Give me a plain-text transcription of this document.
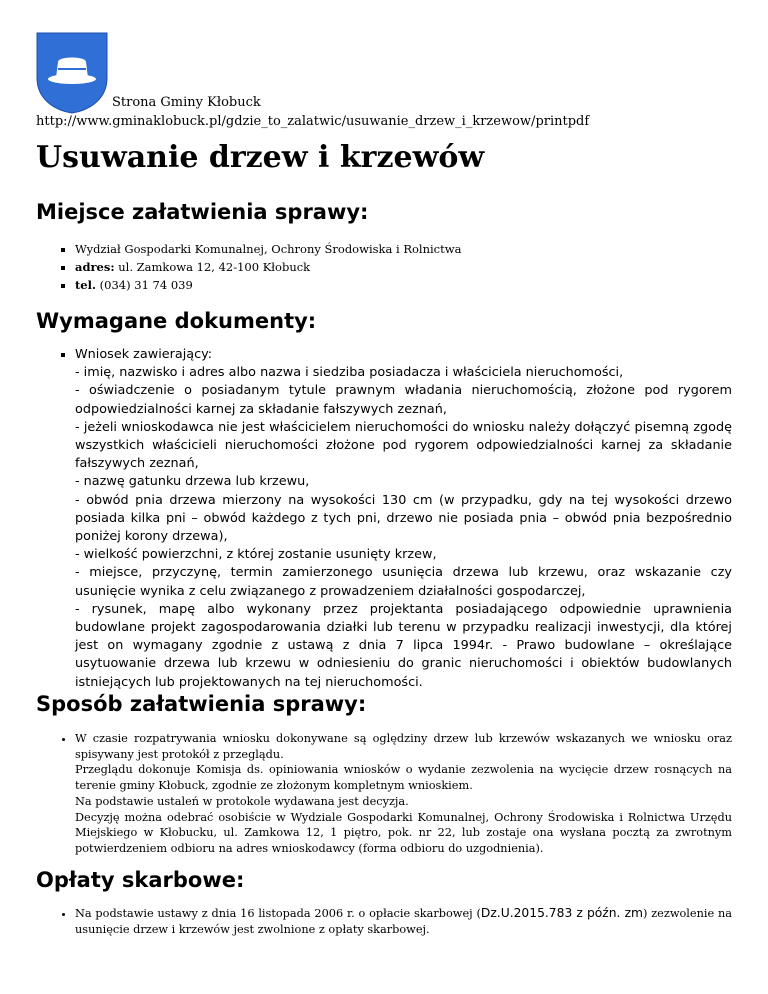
Strona Gminy Kłobuck
http://www.gminaklobuck.pl/gdzie_to_zalatwic/usuwanie_drzew_i_krzewow/printpdf
Usuwanie drzew i krzewów
Miejsce załatwienia sprawy:
▪ Wydział Gospodarki Komunalnej, Ochrony Środowiska i Rolnictwa
▪ adres: ul. Zamkowa 12, 42-100 Kłobuck
▪ tel. (034) 31 74 039
Wymagane dokumenty:
▪ Wniosek zawierający:
- imię, nazwisko i adres albo nazwa i siedziba posiadacza i właściciela nieruchomości,
- oświadczenie o posiadanym tytule prawnym władania nieruchomością, złożone pod rygorem odpowiedzialności karnej za składanie fałszywych zeznań,
- jeżeli wnioskodawca nie jest właścicielem nieruchomości do wniosku należy dołączyć pisemną zgodę wszystkich właścicieli nieruchomości złożone pod rygorem odpowiedzialności karnej za składanie fałszywych zeznań,
- nazwę gatunku drzewa lub krzewu,
- obwód pnia drzewa mierzony na wysokości 130 cm (w przypadku, gdy na tej wysokości drzewo posiada kilka pni – obwód każdego z tych pni, drzewo nie posiada pnia – obwód pnia bezpośrednio poniżej korony drzewa),
- wielkość powierzchni, z której zostanie usunięty krzew,
- miejsce, przyczynę, termin zamierzonego usunięcia drzewa lub krzewu, oraz wskazanie czy usunięcie wynika z celu związanego z prowadzeniem działalności gospodarczej,
- rysunek, mapę albo wykonany przez projektanta posiadającego odpowiednie uprawnienia budowlane projekt zagospodarowania działki lub terenu w przypadku realizacji inwestycji, dla której jest on wymagany zgodnie z ustawą z dnia 7 lipca 1994r. - Prawo budowlane – określające usytuowanie drzewa lub krzewu w odniesieniu do granic nieruchomości i obiektów budowlanych istniejących lub projektowanych na tej nieruchomości.
Sposób załatwienia sprawy:
• W czasie rozpatrywania wniosku dokonywane są oględziny drzew lub krzewów wskazanych we wniosku oraz spisywany jest protokół z przeglądu.
Przeglądu dokonuje Komisja ds. opiniowania wniosków o wydanie zezwolenia na wycięcie drzew rosnących na terenie gminy Kłobuck, zgodnie ze złożonym kompletnym wnioskiem.
Na podstawie ustaleń w protokole wydawana jest decyzja.
Decyzję można odebrać osobiście w Wydziale Gospodarki Komunalnej, Ochrony Środowiska i Rolnictwa Urzędu Miejskiego w Kłobucku, ul. Zamkowa 12, 1 piętro, pok. nr 22, lub zostaje ona wysłana pocztą za zwrotnym potwierdzeniem odbioru na adres wnioskodawcy (forma odbioru do uzgodnienia).
Opłaty skarbowe:
• Na podstawie ustawy z dnia 16 listopada 2006 r. o opłacie skarbowej (Dz.U.2015.783 z późn. zm) zezwolenie na usunięcie drzew i krzewów jest zwolnione z opłaty skarbowej.
